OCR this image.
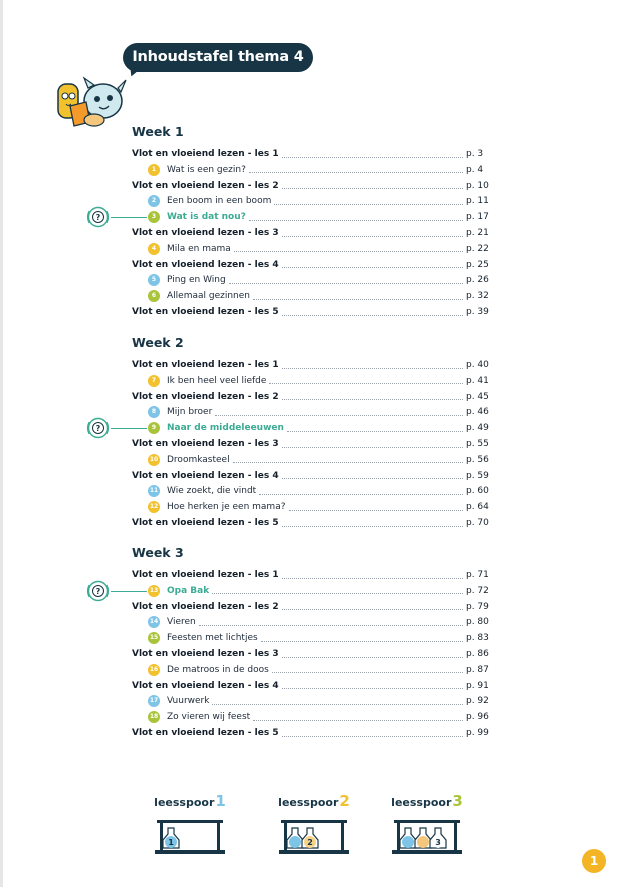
Inhoudstafel thema 4
Week 1
Vlot en vloeiend lezen - les 1	p. 3
1	Wat is een gezin?	p. 4
Vlot en vloeiend lezen - les 2	p. 10
2	Een boom in een boom	p. 11
3	Wat is dat nou?	p. 17
?
Vlot en vloeiend lezen - les 3	p. 21
4	Mila en mama	p. 22
Vlot en vloeiend lezen - les 4	p. 25
5	Ping en Wing	p. 26
6	Allemaal gezinnen	p. 32
Vlot en vloeiend lezen - les 5	p. 39
Week 2
Vlot en vloeiend lezen - les 1	p. 40
7	Ik ben heel veel liefde	p. 41
Vlot en vloeiend lezen - les 2	p. 45
8	Mijn broer	p. 46
9	Naar de middeleeuwen	p. 49
?
Vlot en vloeiend lezen - les 3	p. 55
10 Droomkasteel	p. 56
Vlot en vloeiend lezen - les 4	p. 59
11 Wie zoekt, die vindt	p. 60
12 Hoe herken je een mama?	p. 64
Vlot en vloeiend lezen - les 5	p. 70
Week 3
Vlot en vloeiend lezen - les 1	p. 71
13 Opa Bak	p. 72
?
Vlot en vloeiend lezen - les 2	p. 79
14 Vieren	p. 80
15 Feesten met lichtjes	p. 83
Vlot en vloeiend lezen - les 3	p. 86
16 De matroos in de doos	p. 87
Vlot en vloeiend lezen - les 4	p. 91
17 Vuurwerk	p. 92
18 Zo vieren wij feest	p. 96
Vlot en vloeiend lezen - les 5	p. 99
leesspoor1
1
leesspoor2
2
leesspoor3
3
1
